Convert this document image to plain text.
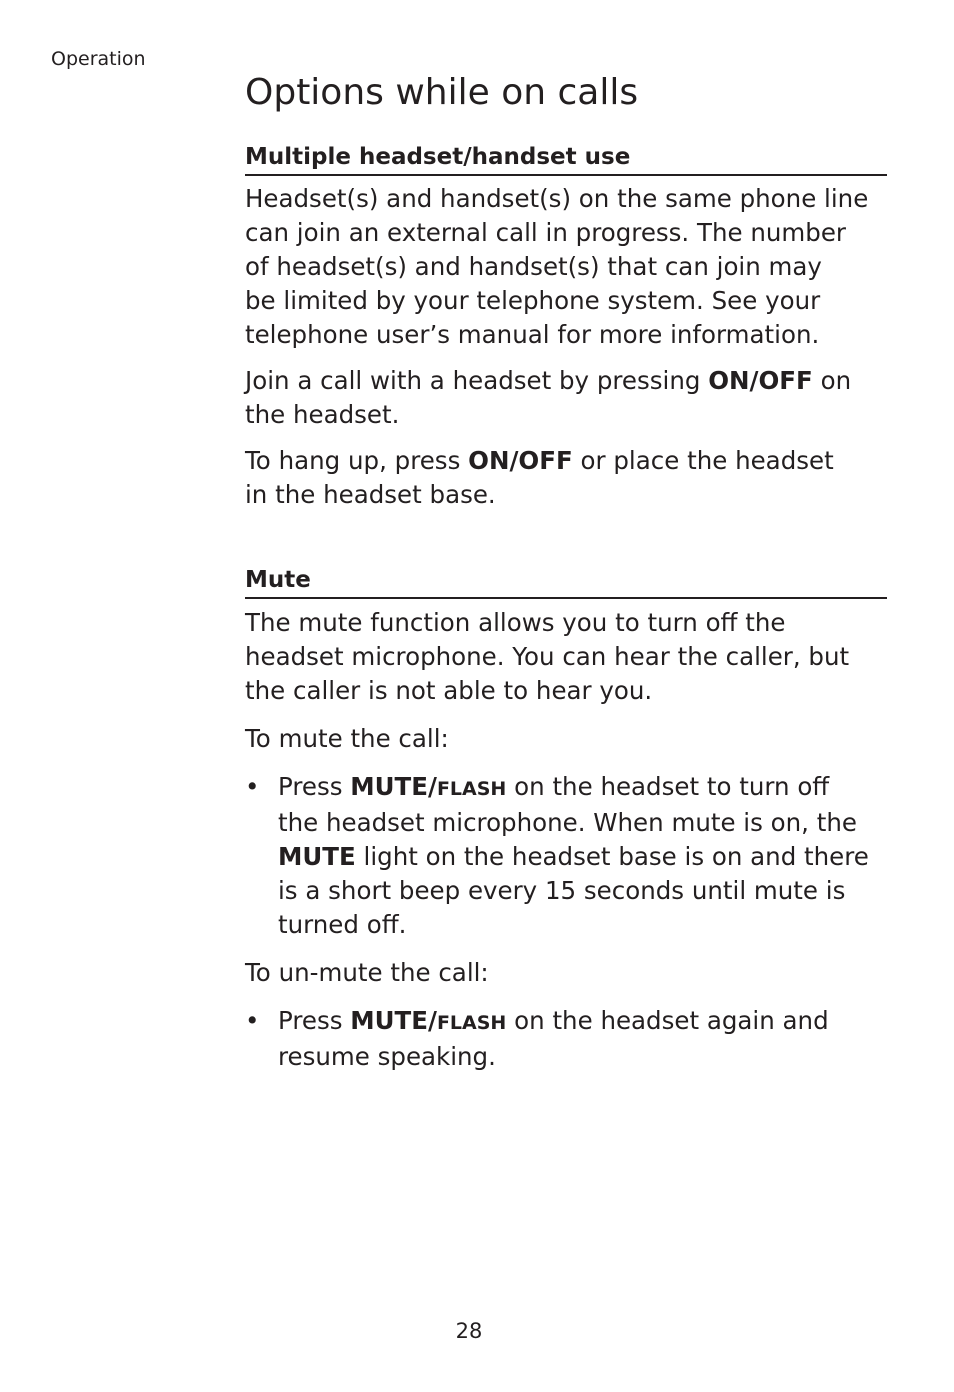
Operation
Options while on calls
Multiple headset/handset use

Headset(s) and handset(s) on the same phone line
can join an external call in progress. The number
of headset(s) and handset(s) that can join may
be limited by your telephone system. See your
telephone user’s manual for more information.

Join a call with a headset by pressing ON/OFF on
the headset.

To hang up, press ON/OFF or place the headset
in the headset base.

Mute

The mute function allows you to turn off the
headset microphone. You can hear the caller, but
the caller is not able to hear you.

To mute the call:

• Press MUTE/FLASH on the headset to turn off
the headset microphone. When mute is on, the
MUTE light on the headset base is on and there
is a short beep every 15 seconds until mute is
turned off.

To un-mute the call:

• Press MUTE/FLASH on the headset again and
resume speaking.
28
